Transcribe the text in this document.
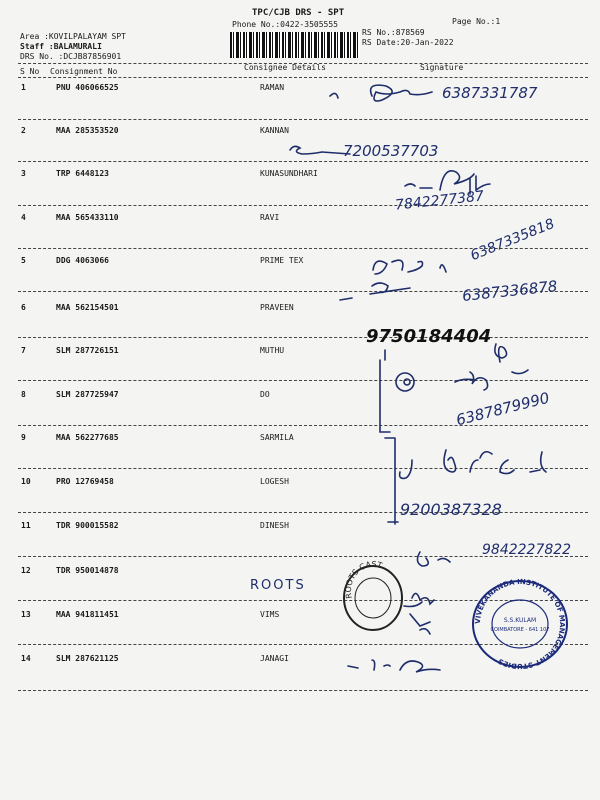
TPC/CJB DRS - SPT
Phone No.:0422-3505555	Page No.:1
Area :KOVILPALAYAM SPT
Staff :BALAMURALI
DRS No. :DCJB87856901
RS No.:878569
RS Date:20-Jan-2022
S No Consignment No	Consignee Details	Signature
1	PNU 406066525	RAMAN
2	MAA 285353520	KANNAN
3	TRP 6448123	KUNASUNDHARI
4	MAA 565433110	RAVI
5	DDG 4063066	PRIME TEX
6	MAA 562154501	PRAVEEN
7	SLM 287726151	MUTHU
8	SLM 287725947	DO
9	MAA 562277685	SARMILA
10	PRO 12769458	LOGESH
11	TDR 900015582	DINESH
12	TDR 950014878
13	MAA 941811451	VIMS
14	SLM 287621125	JANAGI
6387331787
7200537703
7842277387
6387335818
6387336878
9750184404
6387879990
9200387328
9842227822
ROOTS
ROOTS CAST
VIVEKANANDA INSTITUTE OF MANAGEMENT STUDIES
S.S.KULAM
COIMBATORE - 641 107
